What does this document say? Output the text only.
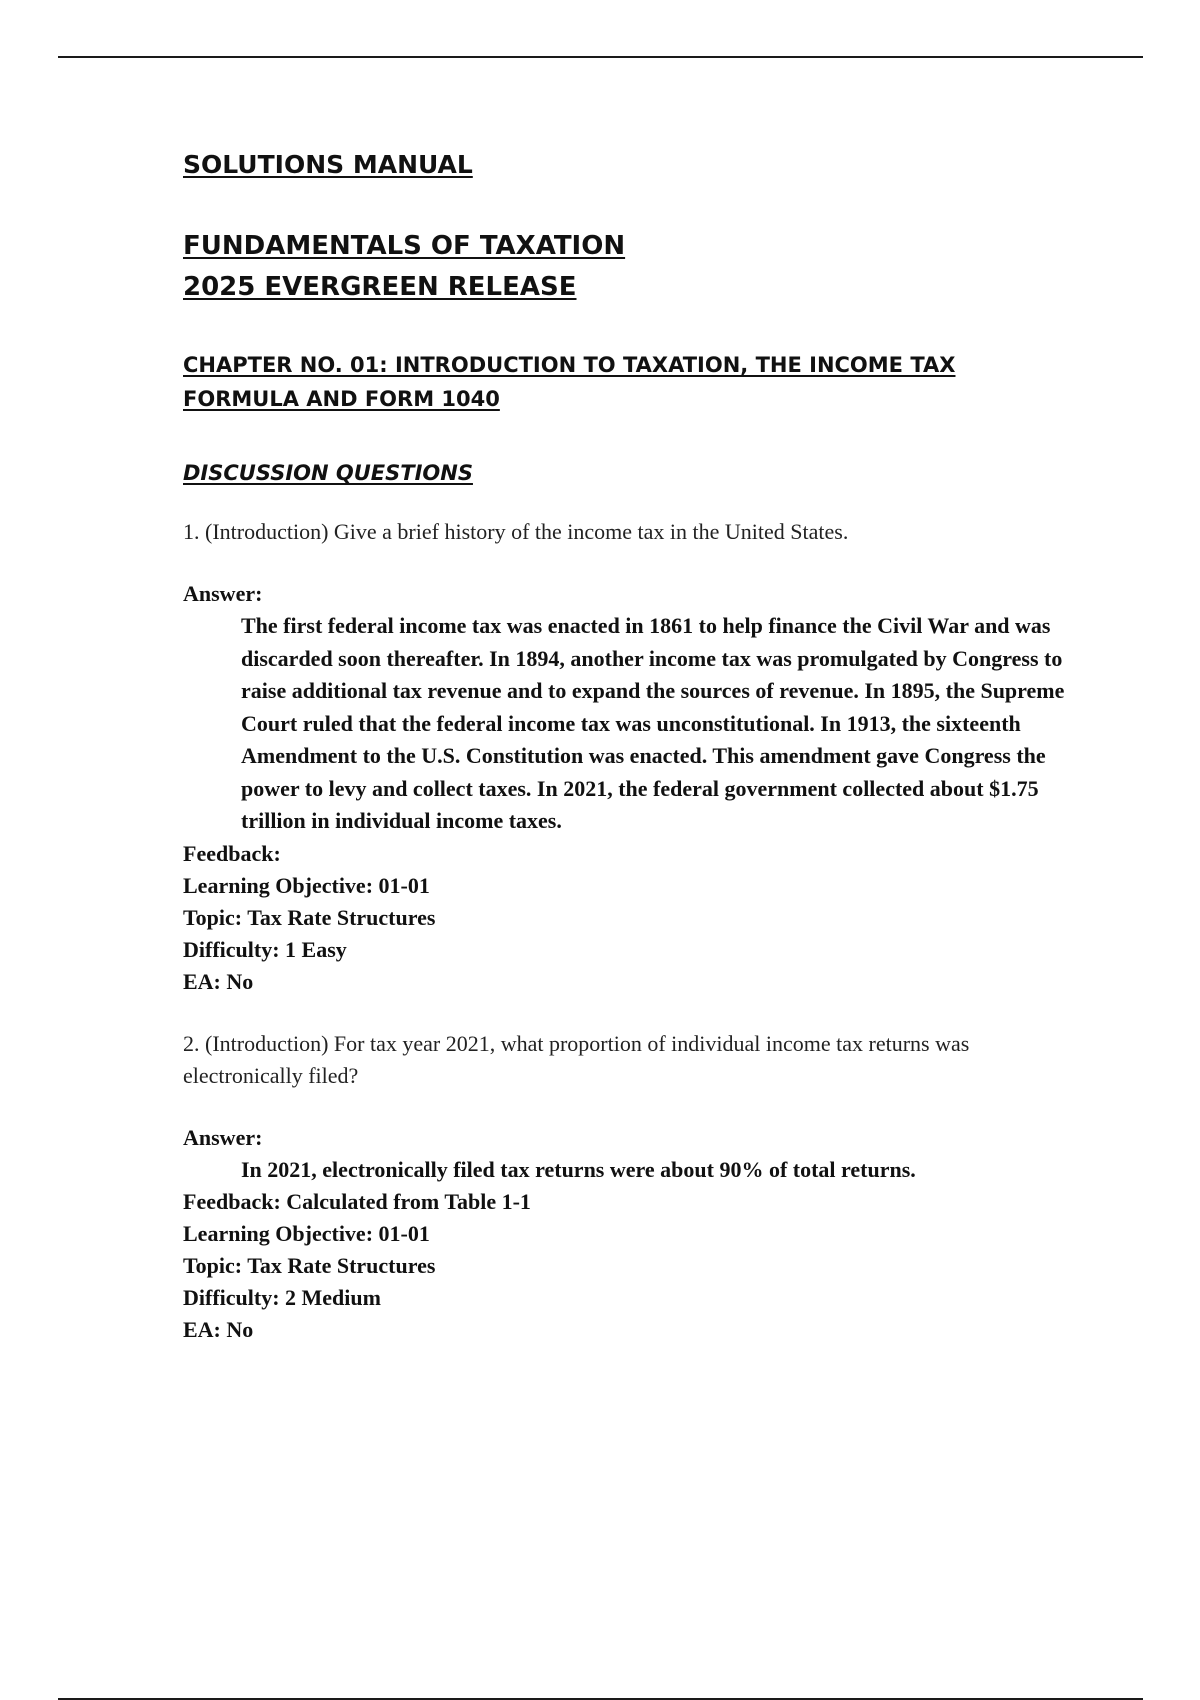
SOLUTIONS MANUAL
FUNDAMENTALS OF TAXATION
2025 EVERGREEN RELEASE
CHAPTER NO. 01: INTRODUCTION TO TAXATION, THE INCOME TAX FORMULA AND FORM 1040
DISCUSSION QUESTIONS

1. (Introduction) Give a brief history of the income tax in the United States.

Answer:

The first federal income tax was enacted in 1861 to help finance the Civil War and was discarded soon thereafter. In 1894, another income tax was promulgated by Congress to raise additional tax revenue and to expand the sources of revenue. In 1895, the Supreme Court ruled that the federal income tax was unconstitutional. In 1913, the sixteenth Amendment to the U.S. Constitution was enacted. This amendment gave Congress the power to levy and collect taxes. In 2021, the federal government collected about $1.75 trillion in individual income taxes.

Feedback:

Learning Objective: 01-01

Topic: Tax Rate Structures

Difficulty: 1 Easy

EA: No

2. (Introduction) For tax year 2021, what proportion of individual income tax returns was electronically filed?

Answer:

In 2021, electronically filed tax returns were about 90% of total returns.

Feedback: Calculated from Table 1-1

Learning Objective: 01-01

Topic: Tax Rate Structures

Difficulty: 2 Medium

EA: No
